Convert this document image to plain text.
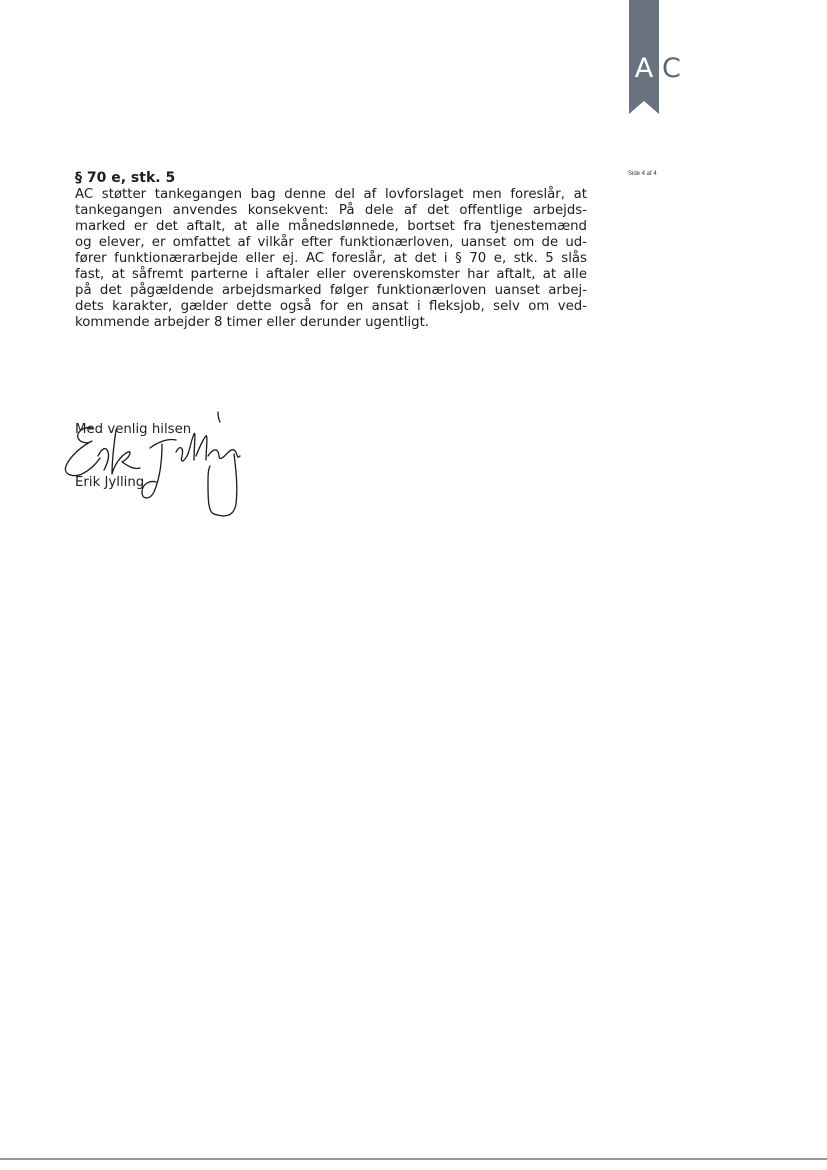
A C
Side 4 af 4
§ 70 e, stk. 5
AC støtter tankegangen bag denne del af lovforslaget men foreslår, at
tankegangen anvendes konsekvent: På dele af det offentlige arbejds-
marked er det aftalt, at alle månedslønnede, bortset fra tjenestemænd
og elever, er omfattet af vilkår efter funktionærloven, uanset om de ud-
fører funktionærarbejde eller ej. AC foreslår, at det i § 70 e, stk. 5 slås
fast, at såfremt parterne i aftaler eller overenskomster har aftalt, at alle
på det pågældende arbejdsmarked følger funktionærloven uanset arbej-
dets karakter, gælder dette også for en ansat i fleksjob, selv om ved-
kommende arbejder 8 timer eller derunder ugentligt.
Med venlig hilsen
Erik Jylling
